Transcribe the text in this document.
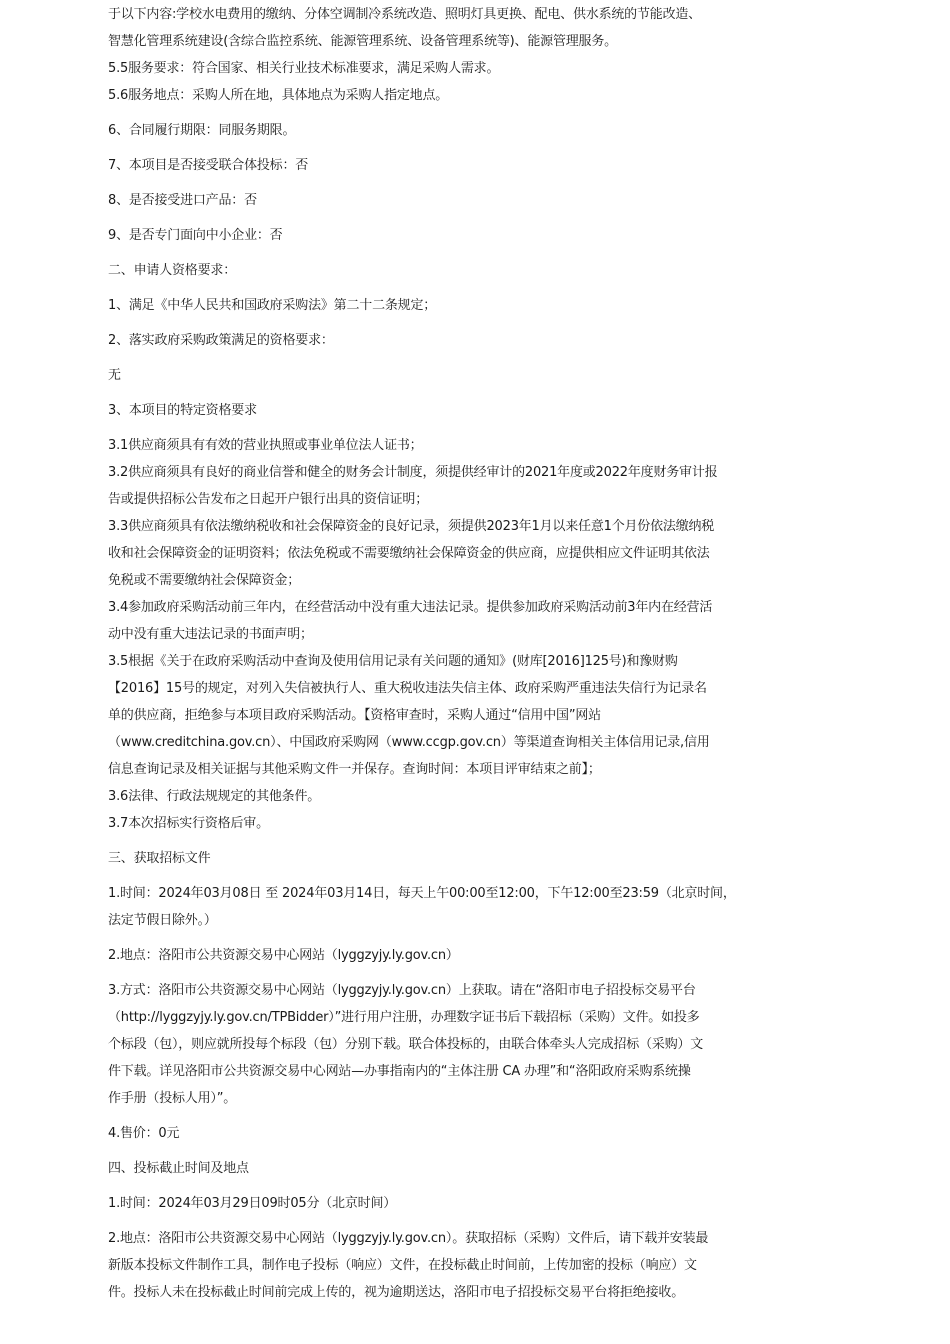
于以下内容:学校水电费用的缴纳、分体空调制冷系统改造、照明灯具更换、配电、供水系统的节能改造、

智慧化管理系统建设(含综合监控系统、能源管理系统、设备管理系统等)、能源管理服务。

5.5服务要求：符合国家、相关行业技术标准要求，满足采购人需求。

5.6服务地点：采购人所在地，具体地点为采购人指定地点。

6、合同履行期限：同服务期限。

7、本项目是否接受联合体投标：否

8、是否接受进口产品：否

9、是否专门面向中小企业：否

二、申请人资格要求：

1、满足《中华人民共和国政府采购法》第二十二条规定；

2、落实政府采购政策满足的资格要求：

无

3、本项目的特定资格要求

3.1供应商须具有有效的营业执照或事业单位法人证书；

3.2供应商须具有良好的商业信誉和健全的财务会计制度，须提供经审计的2021年度或2022年度财务审计报

告或提供招标公告发布之日起开户银行出具的资信证明；

3.3供应商须具有依法缴纳税收和社会保障资金的良好记录，须提供2023年1月以来任意1个月份依法缴纳税

收和社会保障资金的证明资料；依法免税或不需要缴纳社会保障资金的供应商，应提供相应文件证明其依法

免税或不需要缴纳社会保障资金；

3.4参加政府采购活动前三年内，在经营活动中没有重大违法记录。提供参加政府采购活动前3年内在经营活

动中没有重大违法记录的书面声明；

3.5根据《关于在政府采购活动中查询及使用信用记录有关问题的通知》(财库[2016]125号)和豫财购

【2016】15号的规定，对列入失信被执行人、重大税收违法失信主体、政府采购严重违法失信行为记录名

单的供应商，拒绝参与本项目政府采购活动。【资格审查时，采购人通过“信用中国”网站

（www.creditchina.gov.cn）、中国政府采购网（www.ccgp.gov.cn）等渠道查询相关主体信用记录,信用

信息查询记录及相关证据与其他采购文件一并保存。查询时间：本项目评审结束之前】；

3.6法律、行政法规规定的其他条件。

3.7本次招标实行资格后审。

三、获取招标文件

1.时间：2024年03月08日 至 2024年03月14日，每天上午00:00至12:00，下午12:00至23:59（北京时间，

法定节假日除外。）

2.地点：洛阳市公共资源交易中心网站（lyggzyjy.ly.gov.cn）

3.方式：洛阳市公共资源交易中心网站（lyggzyjy.ly.gov.cn）上获取。请在“洛阳市电子招投标交易平台

（http://lyggzyjy.ly.gov.cn/TPBidder）”进行用户注册，办理数字证书后下载招标（采购）文件。如投多

个标段（包），则应就所投每个标段（包）分别下载。联合体投标的，由联合体牵头人完成招标（采购）文

件下载。详见洛阳市公共资源交易中心网站—办事指南内的“主体注册 CA 办理”和“洛阳政府采购系统操

作手册（投标人用）”。

4.售价：0元

四、投标截止时间及地点

1.时间：2024年03月29日09时05分（北京时间）

2.地点：洛阳市公共资源交易中心网站（lyggzyjy.ly.gov.cn）。获取招标（采购）文件后，请下载并安装最

新版本投标文件制作工具，制作电子投标（响应）文件，在投标截止时间前，上传加密的投标（响应）文

件。投标人未在投标截止时间前完成上传的，视为逾期送达，洛阳市电子招投标交易平台将拒绝接收。
